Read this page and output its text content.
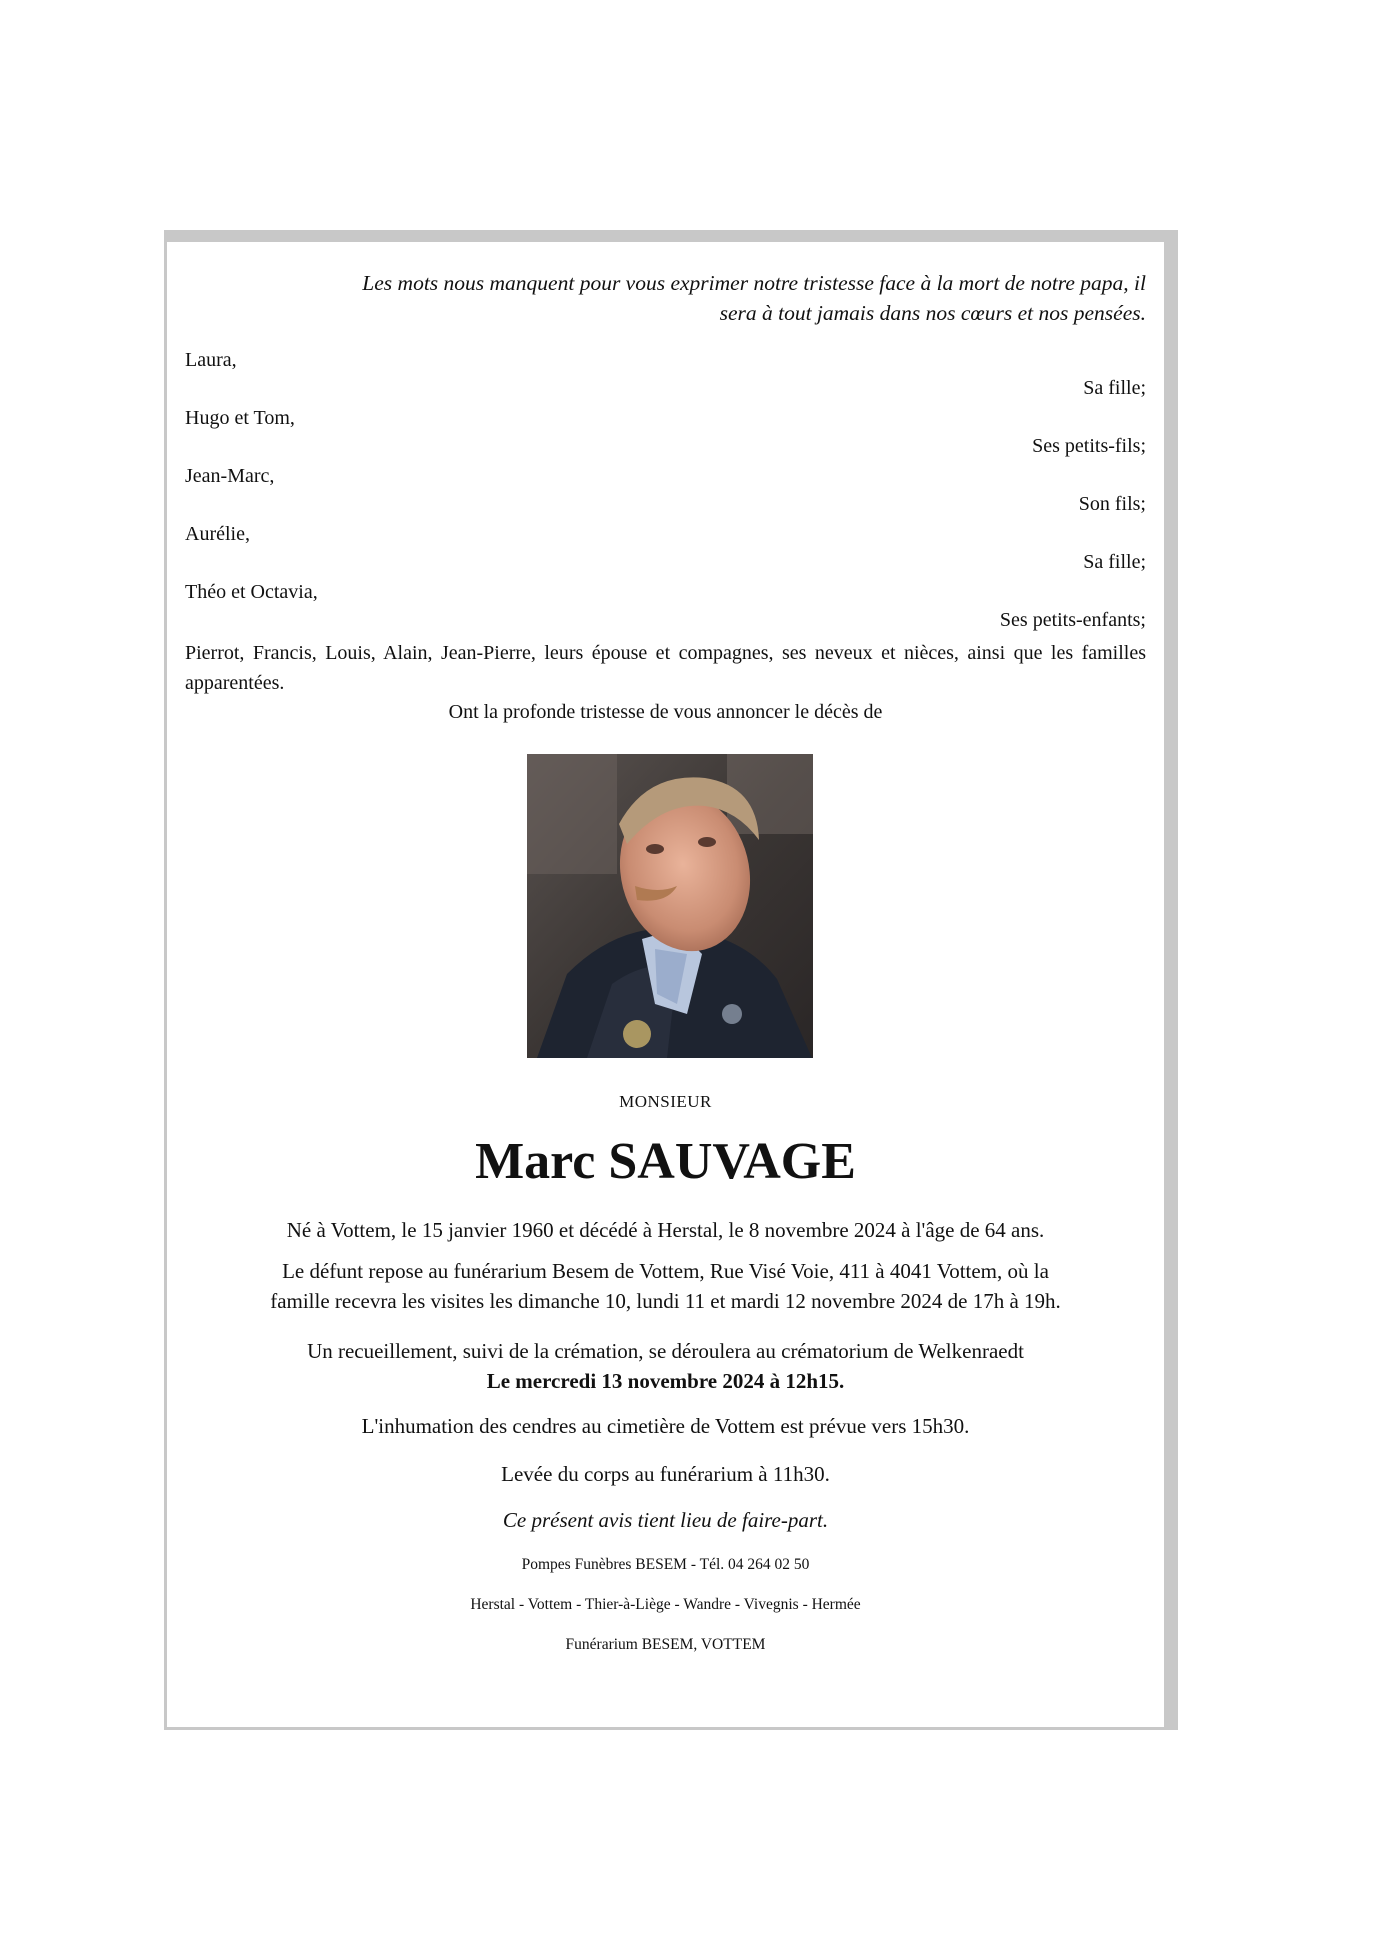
Les mots nous manquent pour vous exprimer notre tristesse face à la mort de notre papa, il

sera à tout jamais dans nos cœurs et nos pensées.
Laura,
Sa fille;
Hugo et Tom,
Ses petits-fils;
Jean-Marc,
Son fils;
Aurélie,
Sa fille;
Théo et Octavia,
Ses petits-enfants;
Pierrot, Francis, Louis, Alain, Jean-Pierre, leurs épouse et compagnes, ses neveux et nièces, ainsi que les familles apparentées.
Ont la profonde tristesse de vous annoncer le décès de
MONSIEUR
Marc SAUVAGE
Né à Vottem, le 15 janvier 1960 et décédé à Herstal, le 8 novembre 2024 à l'âge de 64 ans.
Le défunt repose au funérarium Besem de Vottem, Rue Visé Voie, 411 à 4041 Vottem, où la
famille recevra les visites les dimanche 10, lundi 11 et mardi 12 novembre 2024 de 17h à 19h.
Un recueillement, suivi de la crémation, se déroulera au crématorium de Welkenraedt
Le mercredi 13 novembre 2024 à 12h15.
L'inhumation des cendres au cimetière de Vottem est prévue vers 15h30.
Levée du corps au funérarium à 11h30.
Ce présent avis tient lieu de faire-part.
Pompes Funèbres BESEM - Tél. 04 264 02 50
Herstal - Vottem - Thier-à-Liège - Wandre - Vivegnis - Hermée
Funérarium BESEM, VOTTEM
